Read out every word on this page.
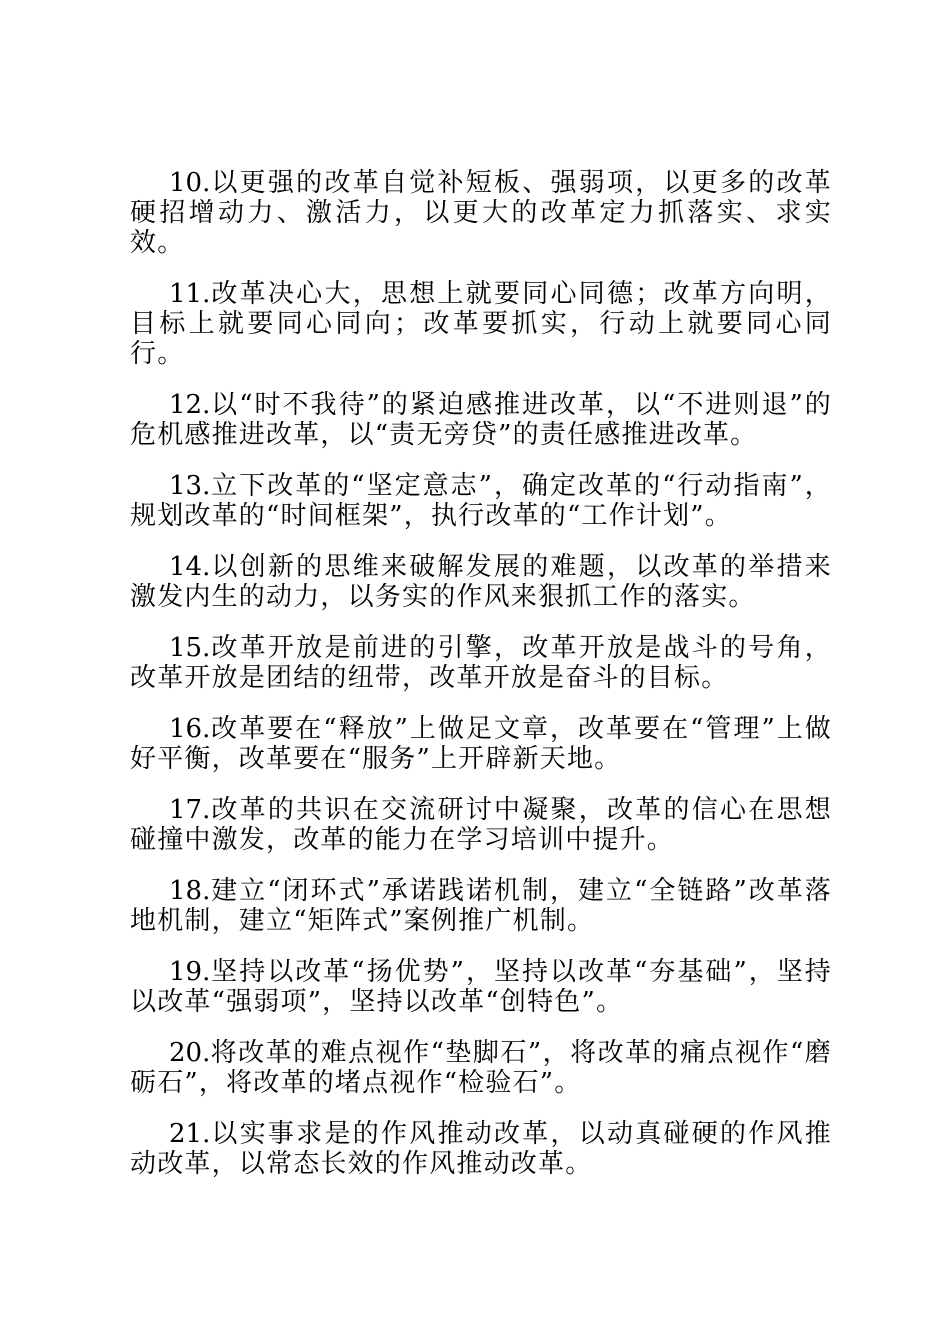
10.以更强的改革自觉补短板、强弱项，以更多的改革硬招增动力、激活力，以更大的改革定力抓落实、求实效。

11.改革决心大，思想上就要同心同德；改革方向明，目标上就要同心同向；改革要抓实，行动上就要同心同行。

12.以“时不我待”的紧迫感推进改革，以“不进则退”的危机感推进改革，以“责无旁贷”的责任感推进改革。

13.立下改革的“坚定意志”，确定改革的“行动指南”，规划改革的“时间框架”，执行改革的“工作计划”。

14.以创新的思维来破解发展的难题，以改革的举措来激发内生的动力，以务实的作风来狠抓工作的落实。

15.改革开放是前进的引擎，改革开放是战斗的号角，改革开放是团结的纽带，改革开放是奋斗的目标。

16.改革要在“释放”上做足文章，改革要在“管理”上做好平衡，改革要在“服务”上开辟新天地。

17.改革的共识在交流研讨中凝聚，改革的信心在思想碰撞中激发，改革的能力在学习培训中提升。

18.建立“闭环式”承诺践诺机制，建立“全链路”改革落地机制，建立“矩阵式”案例推广机制。

19.坚持以改革“扬优势”，坚持以改革“夯基础”，坚持以改革“强弱项”，坚持以改革“创特色”。

20.将改革的难点视作“垫脚石”，将改革的痛点视作“磨砺石”，将改革的堵点视作“检验石”。

21.以实事求是的作风推动改革，以动真碰硬的作风推动改革，以常态长效的作风推动改革。
